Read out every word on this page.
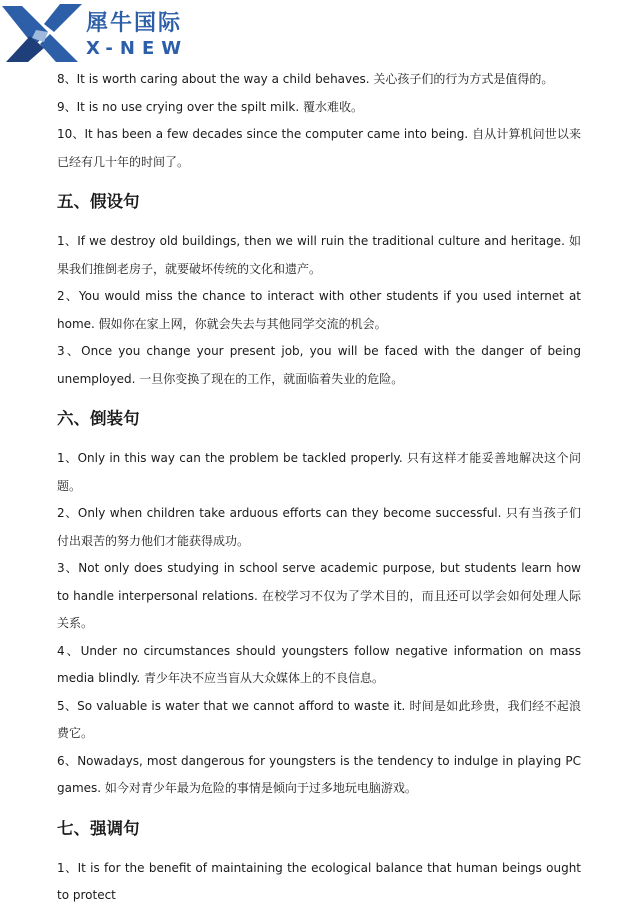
犀牛国际
X-NEW
8、It is worth caring about the way a child behaves. 关心孩子们的行为方式是值得的。
9、It is no use crying over the spilt milk. 覆水难收。
10、It has been a few decades since the computer came into being. 自从计算机问世以来已经有几十年的时间了。
五、假设句
1、If we destroy old buildings, then we will ruin the traditional culture and heritage. 如果我们推倒老房子，就要破坏传统的文化和遗产。
2、You would miss the chance to interact with other students if you used internet at home. 假如你在家上网，你就会失去与其他同学交流的机会。
3、Once you change your present job, you will be faced with the danger of being unemployed. 一旦你变换了现在的工作，就面临着失业的危险。
六、倒装句
1、Only in this way can the problem be tackled properly. 只有这样才能妥善地解决这个问题。
2、Only when children take arduous efforts can they become successful. 只有当孩子们付出艰苦的努力他们才能获得成功。
3、Not only does studying in school serve academic purpose, but students learn how to handle interpersonal relations. 在校学习不仅为了学术目的，而且还可以学会如何处理人际关系。
4、Under no circumstances should youngsters follow negative information on mass media blindly. 青少年决不应当盲从大众媒体上的不良信息。
5、So valuable is water that we cannot afford to waste it. 时间是如此珍贵，我们经不起浪费它。
6、Nowadays, most dangerous for youngsters is the tendency to indulge in playing PC games. 如今对青少年最为危险的事情是倾向于过多地玩电脑游戏。
七、强调句
1、It is for the benefit of maintaining the ecological balance that human beings ought to protect
